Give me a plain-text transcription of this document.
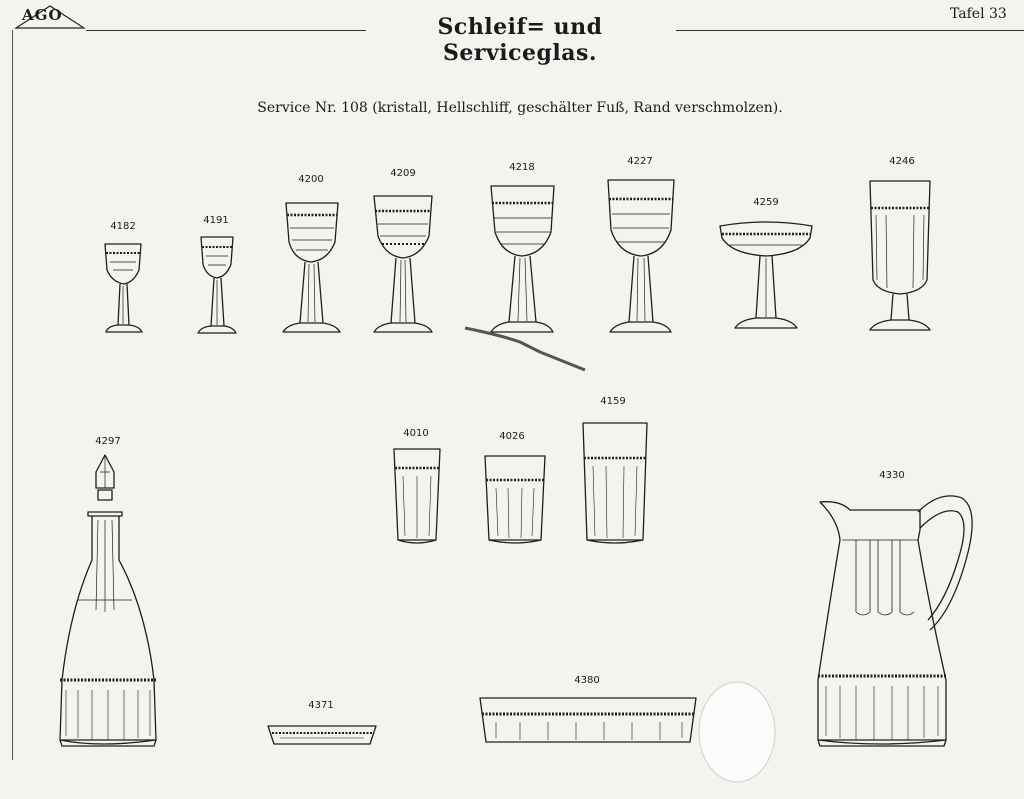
AGO	Schleif= und Serviceglas.
Tafel 33
Service Nr. 108 (kristall, Hellschliff, geschälter Fuß, Rand verschmolzen).
4182
4191
4200
4209
4218
4227
4259
4246
4297
4010	4026
4159
4330
4371
4380
